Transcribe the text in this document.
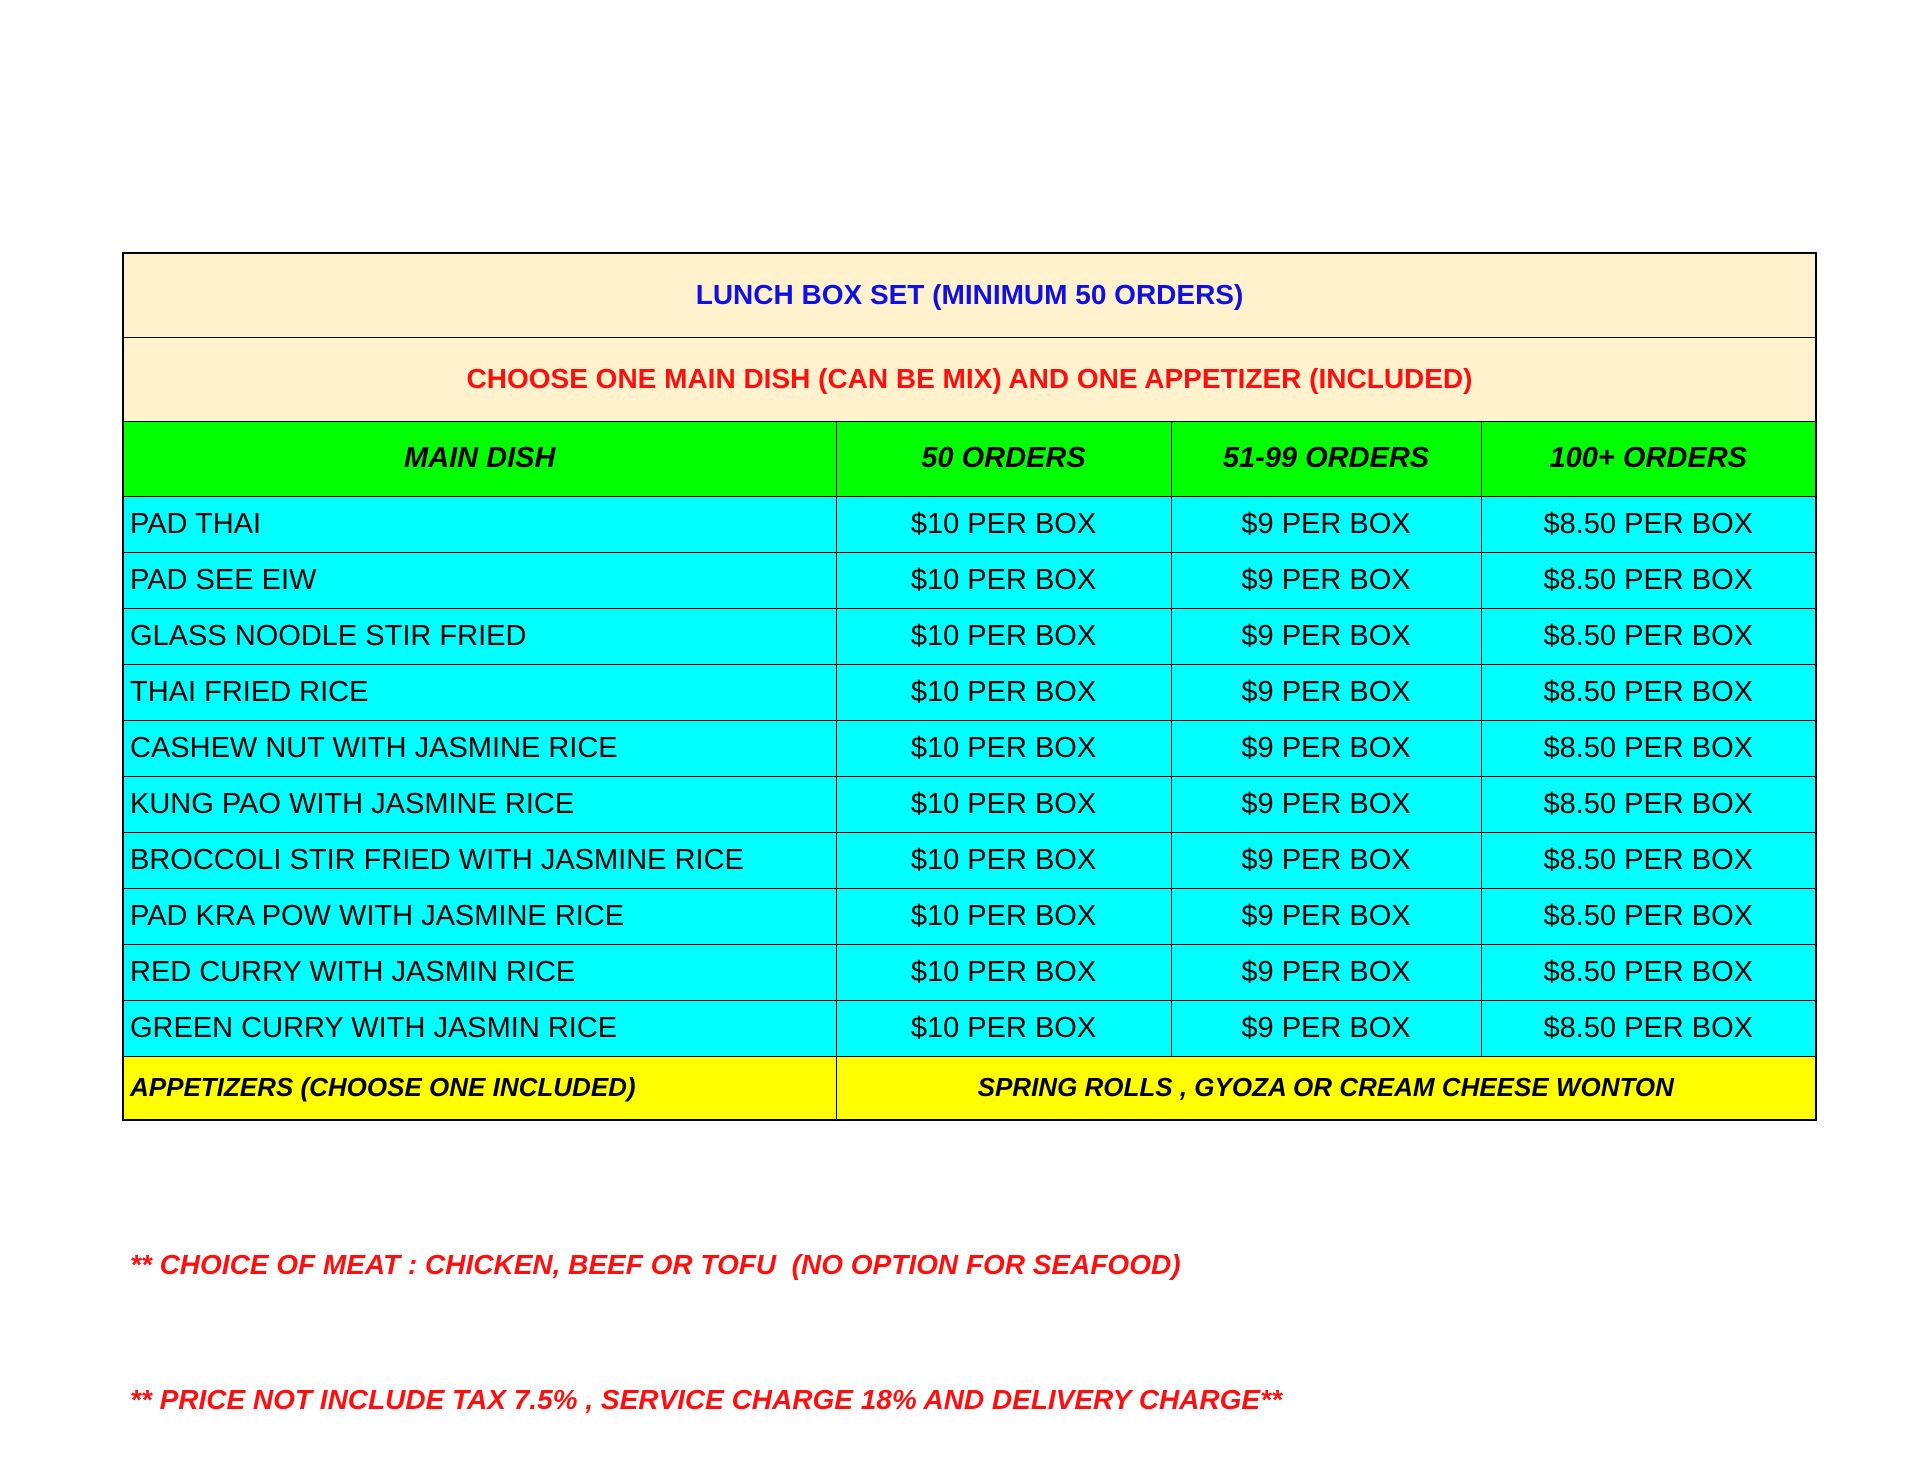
LUNCH BOX SET (MINIMUM 50 ORDERS)			
CHOOSE ONE MAIN DISH (CAN BE MIX) AND ONE APPETIZER (INCLUDED)			
MAIN DISH	50 ORDERS	51-99 ORDERS	100+ ORDERS
PAD THAI	$10 PER BOX	$9 PER BOX	$8.50 PER BOX
PAD SEE EIW	$10 PER BOX	$9 PER BOX	$8.50 PER BOX
GLASS NOODLE STIR FRIED	$10 PER BOX	$9 PER BOX	$8.50 PER BOX
THAI FRIED RICE	$10 PER BOX	$9 PER BOX	$8.50 PER BOX
CASHEW NUT WITH JASMINE RICE	$10 PER BOX	$9 PER BOX	$8.50 PER BOX
KUNG PAO WITH JASMINE RICE	$10 PER BOX	$9 PER BOX	$8.50 PER BOX
BROCCOLI STIR FRIED WITH JASMINE RICE	$10 PER BOX	$9 PER BOX	$8.50 PER BOX
PAD KRA POW WITH JASMINE RICE	$10 PER BOX	$9 PER BOX	$8.50 PER BOX
RED CURRY WITH JASMIN RICE	$10 PER BOX	$9 PER BOX	$8.50 PER BOX
GREEN CURRY WITH JASMIN RICE	$10 PER BOX	$9 PER BOX	$8.50 PER BOX
APPETIZERS (CHOOSE ONE INCLUDED)	SPRING ROLLS , GYOZA OR CREAM CHEESE WONTON		

** CHOICE OF MEAT : CHICKEN, BEEF OR TOFU  (NO OPTION FOR SEAFOOD)

** PRICE NOT INCLUDE TAX 7.5% , SERVICE CHARGE 18% AND DELIVERY CHARGE**
